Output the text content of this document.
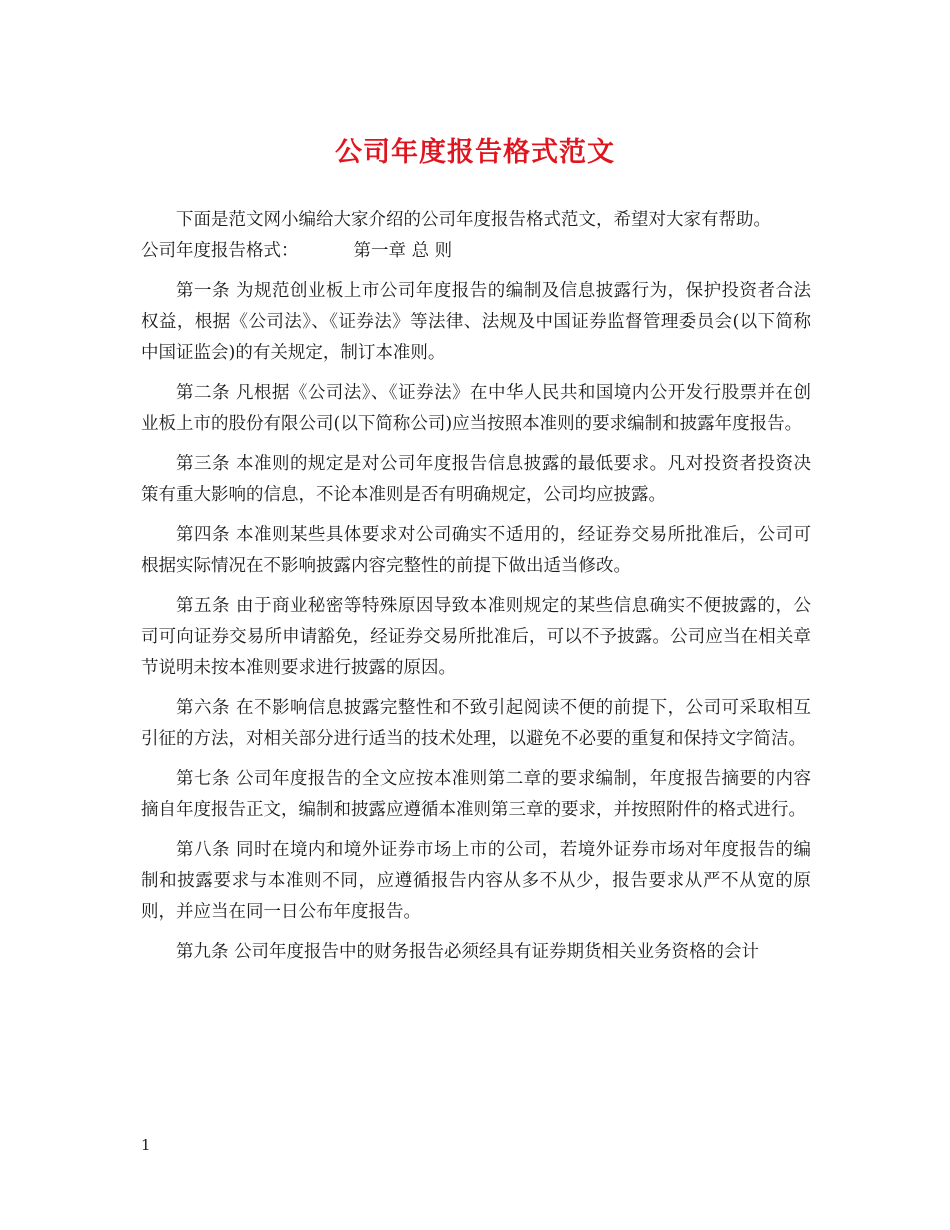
公司年度报告格式范文

下面是范文网小编给大家介绍的公司年度报告格式范文，希望对大家有帮助。

公司年度报告格式：	第一章 总 则

第一条 为规范创业板上市公司年度报告的编制及信息披露行为，保护投资者合法权益，根据《公司法》、《证券法》等法律、法规及中国证券监督管理委员会(以下简称中国证监会)的有关规定，制订本准则。

第二条 凡根据《公司法》、《证券法》在中华人民共和国境内公开发行股票并在创业板上市的股份有限公司(以下简称公司)应当按照本准则的要求编制和披露年度报告。

第三条 本准则的规定是对公司年度报告信息披露的最低要求。凡对投资者投资决策有重大影响的信息，不论本准则是否有明确规定，公司均应披露。

第四条 本准则某些具体要求对公司确实不适用的，经证券交易所批准后，公司可根据实际情况在不影响披露内容完整性的前提下做出适当修改。

第五条 由于商业秘密等特殊原因导致本准则规定的某些信息确实不便披露的，公司可向证券交易所申请豁免，经证券交易所批准后，可以不予披露。公司应当在相关章节说明未按本准则要求进行披露的原因。

第六条 在不影响信息披露完整性和不致引起阅读不便的前提下，公司可采取相互引征的方法，对相关部分进行适当的技术处理，以避免不必要的重复和保持文字简洁。

第七条 公司年度报告的全文应按本准则第二章的要求编制，年度报告摘要的内容摘自年度报告正文，编制和披露应遵循本准则第三章的要求，并按照附件的格式进行。

第八条 同时在境内和境外证券市场上市的公司，若境外证券市场对年度报告的编制和披露要求与本准则不同，应遵循报告内容从多不从少，报告要求从严不从宽的原则，并应当在同一日公布年度报告。

第九条 公司年度报告中的财务报告必须经具有证券期货相关业务资格的会计

1
